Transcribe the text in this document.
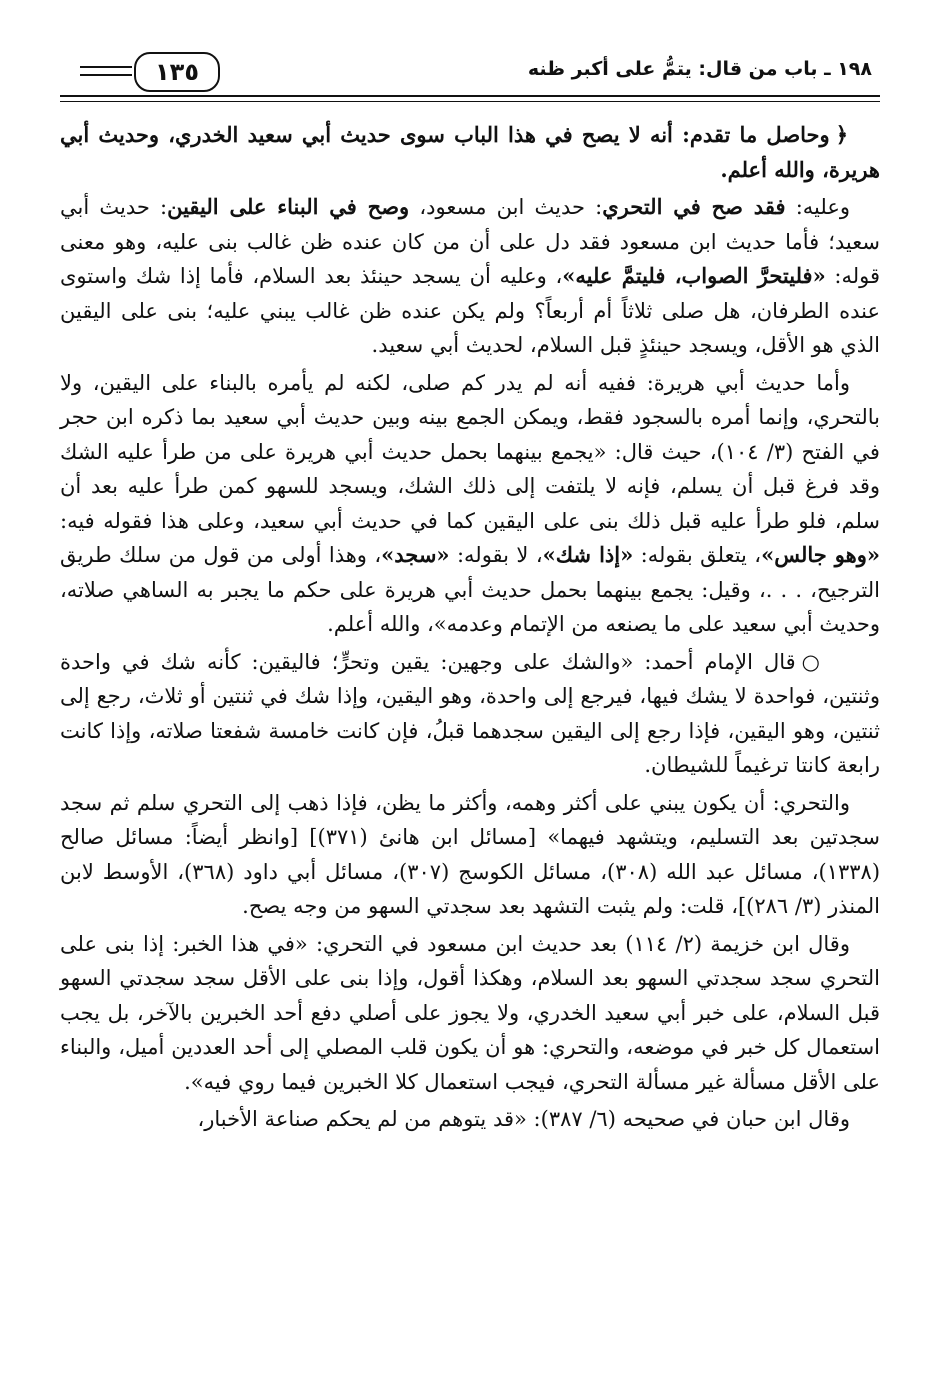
١٩٨ ـ باب من قال: يتمُّ على أكبر ظنه
١٣٥

﴿وحاصل ما تقدم: أنه لا يصح في هذا الباب سوى حديث أبي سعيد الخدري، وحديث أبي هريرة، والله أعلم.

وعليه: فقد صح في التحري: حديث ابن مسعود، وصح في البناء على اليقين: حديث أبي سعيد؛ فأما حديث ابن مسعود فقد دل على أن من كان عنده ظن غالب بنى عليه، وهو معنى قوله: «فليتحرَّ الصواب، فليتمَّ عليه»، وعليه أن يسجد حينئذ بعد السلام، فأما إذا شك واستوى عنده الطرفان، هل صلى ثلاثاً أم أربعاً؟ ولم يكن عنده ظن غالب يبني عليه؛ بنى على اليقين الذي هو الأقل، ويسجد حينئذٍ قبل السلام، لحديث أبي سعيد.

وأما حديث أبي هريرة: ففيه أنه لم يدر كم صلى، لكنه لم يأمره بالبناء على اليقين، ولا بالتحري، وإنما أمره بالسجود فقط، ويمكن الجمع بينه وبين حديث أبي سعيد بما ذكره ابن حجر في الفتح (٣/ ١٠٤)، حيث قال: «يجمع بينهما بحمل حديث أبي هريرة على من طرأ عليه الشك وقد فرغ قبل أن يسلم، فإنه لا يلتفت إلى ذلك الشك، ويسجد للسهو كمن طرأ عليه بعد أن سلم، فلو طرأ عليه قبل ذلك بنى على اليقين كما في حديث أبي سعيد، وعلى هذا فقوله فيه: «وهو جالس»، يتعلق بقوله: «إذا شك»، لا بقوله: «سجد»، وهذا أولى من قول من سلك طريق الترجيح، . . .، وقيل: يجمع بينهما بحمل حديث أبي هريرة على حكم ما يجبر به الساهي صلاته، وحديث أبي سعيد على ما يصنعه من الإتمام وعدمه»، والله أعلم.

○قال الإمام أحمد: «والشك على وجهين: يقين وتحرٍّ؛ فاليقين: كأنه شك في واحدة وثنتين، فواحدة لا يشك فيها، فيرجع إلى واحدة، وهو اليقين، وإذا شك في ثنتين أو ثلاث، رجع إلى ثنتين، وهو اليقين، فإذا رجع إلى اليقين سجدهما قبلُ، فإن كانت خامسة شفعتا صلاته، وإذا كانت رابعة كانتا ترغيماً للشيطان.

والتحري: أن يكون يبني على أكثر وهمه، وأكثر ما يظن، فإذا ذهب إلى التحري سلم ثم سجد سجدتين بعد التسليم، ويتشهد فيهما» [مسائل ابن هانئ (٣٧١)] [وانظر أيضاً: مسائل صالح (١٣٣٨)، مسائل عبد الله (٣٠٨)، مسائل الكوسج (٣٠٧)، مسائل أبي داود (٣٦٨)، الأوسط لابن المنذر (٣/ ٢٨٦)]، قلت: ولم يثبت التشهد بعد سجدتي السهو من وجه يصح.

وقال ابن خزيمة (٢/ ١١٤) بعد حديث ابن مسعود في التحري: «في هذا الخبر: إذا بنى على التحري سجد سجدتي السهو بعد السلام، وهكذا أقول، وإذا بنى على الأقل سجد سجدتي السهو قبل السلام، على خبر أبي سعيد الخدري، ولا يجوز على أصلي دفع أحد الخبرين بالآخر، بل يجب استعمال كل خبر في موضعه، والتحري: هو أن يكون قلب المصلي إلى أحد العددين أميل، والبناء على الأقل مسألة غير مسألة التحري، فيجب استعمال كلا الخبرين فيما روي فيه».

وقال ابن حبان في صحيحه (٦/ ٣٨٧): «قد يتوهم من لم يحكم صناعة الأخبار،
